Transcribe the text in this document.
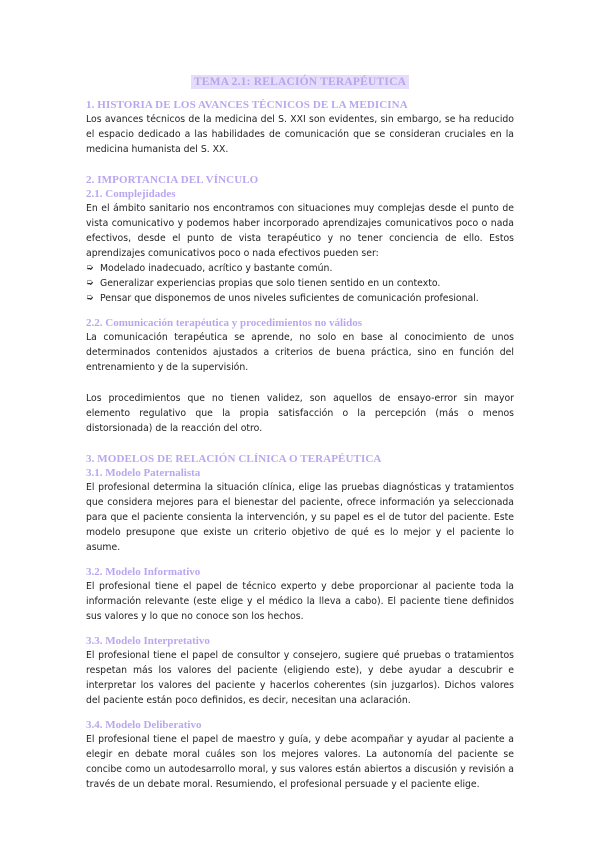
TEMA 2.1: RELACIÓN TERAPÉUTICA
1. HISTORIA DE LOS AVANCES TÉCNICOS DE LA MEDICINA

Los avances técnicos de la medicina del S. XXI son evidentes, sin embargo, se ha reducido el espacio dedicado a las habilidades de comunicación que se consideran cruciales en la medicina humanista del S. XX.

2. IMPORTANCIA DEL VÍNCULO
2.1. Complejidades

En el ámbito sanitario nos encontramos con situaciones muy complejas desde el punto de vista comunicativo y podemos haber incorporado aprendizajes comunicativos poco o nada efectivos, desde el punto de vista terapéutico y no tener conciencia de ello. Estos aprendizajes comunicativos poco o nada efectivos pueden ser:

➭ Modelado inadecuado, acrítico y bastante común.
➭ Generalizar experiencias propias que solo tienen sentido en un contexto.
➭ Pensar que disponemos de unos niveles suficientes de comunicación profesional.
2.2. Comunicación terapéutica y procedimientos no válidos

La comunicación terapéutica se aprende, no solo en base al conocimiento de unos determinados contenidos ajustados a criterios de buena práctica, sino en función del entrenamiento y de la supervisión.

Los procedimientos que no tienen validez, son aquellos de ensayo-error sin mayor elemento regulativo que la propia satisfacción o la percepción (más o menos distorsionada) de la reacción del otro.

3. MODELOS DE RELACIÓN CLÍNICA O TERAPÉUTICA
3.1. Modelo Paternalista

El profesional determina la situación clínica, elige las pruebas diagnósticas y tratamientos que considera mejores para el bienestar del paciente, ofrece información ya seleccionada para que el paciente consienta la intervención, y su papel es el de tutor del paciente. Este modelo presupone que existe un criterio objetivo de qué es lo mejor y el paciente lo asume.

3.2. Modelo Informativo

El profesional tiene el papel de técnico experto y debe proporcionar al paciente toda la información relevante (este elige y el médico la lleva a cabo). El paciente tiene definidos sus valores y lo que no conoce son los hechos.

3.3. Modelo Interpretativo

El profesional tiene el papel de consultor y consejero, sugiere qué pruebas o tratamientos respetan más los valores del paciente (eligiendo este), y debe ayudar a descubrir e interpretar los valores del paciente y hacerlos coherentes (sin juzgarlos). Dichos valores del paciente están poco definidos, es decir, necesitan una aclaración.

3.4. Modelo Deliberativo

El profesional tiene el papel de maestro y guía, y debe acompañar y ayudar al paciente a elegir en debate moral cuáles son los mejores valores. La autonomía del paciente se concibe como un autodesarrollo moral, y sus valores están abiertos a discusión y revisión a través de un debate moral. Resumiendo, el profesional persuade y el paciente elige.
